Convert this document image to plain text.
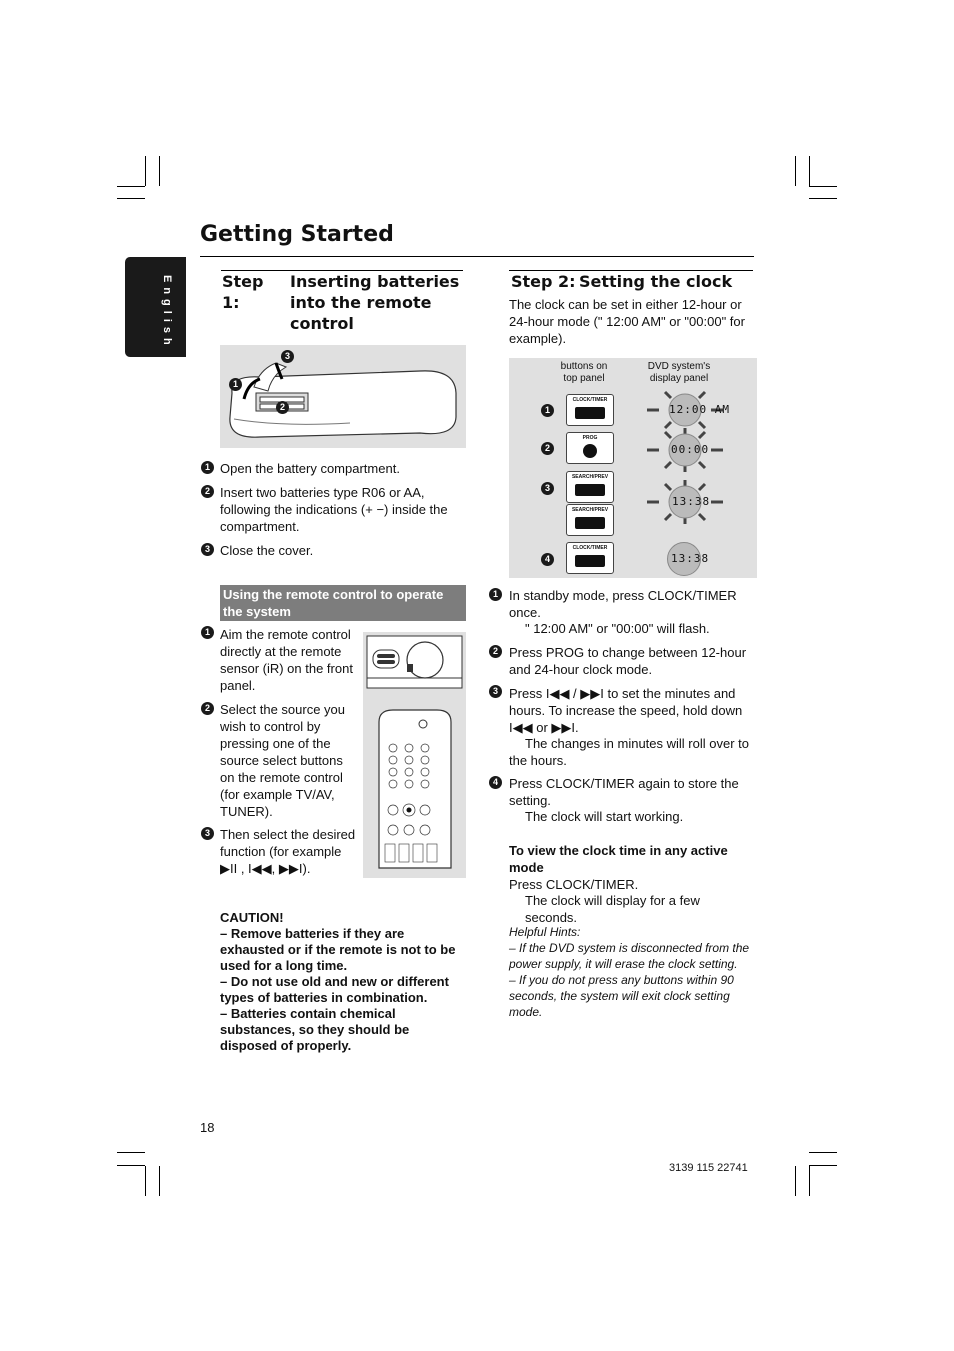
Getting Started
English	Step 1:
Inserting batteries into the remote control
1
2
3
1 Open the battery compartment.
2 Insert two batteries type R06 or AA, following the indications (+ −) inside the compartment.
3 Close the cover.
Using the remote control to operate the system
1 Aim the remote control directly at the remote sensor (iR) on the front panel.
2 Select the source you wish to control by pressing one of the source select buttons on the remote control (for example TV/AV, TUNER).
3 Then select the desired function (for example ▶II , I◀◀, ▶▶I).
CAUTION!
– Remove batteries if they are exhausted or if the remote is not to be used for a long time.
– Do not use old and new or different types of batteries in combination.
– Batteries contain chemical substances, so they should be disposed of properly.
18
Step 2: Setting the clock
The clock can be set in either 12-hour or 24-hour mode (" 12:00 AM" or "00:00" for example).
buttons on top panel
DVD system's display panel
1
CLOCK/TIMER
12:00 AM
2
PROG
00:00
3
SEARCH/PREV
SEARCH/PREV
13:38
4
CLOCK/TIMER
13:38
1 In standby mode, press CLOCK/TIMER once.
" 12:00 AM" or "00:00" will flash.
2 Press PROG to change between 12-hour and 24-hour clock mode.
3 Press I◀◀ / ▶▶I to set the minutes and hours. To increase the speed, hold down I◀◀ or ▶▶I.
The changes in minutes will roll over to the hours.
4 Press CLOCK/TIMER again to store the setting.
The clock will start working.
To view the clock time in any active mode
Press CLOCK/TIMER.
The clock will display for a few seconds.
Helpful Hints:
– If the DVD system is disconnected from the power supply, it will erase the clock setting.
– If you do not press any buttons within 90 seconds, the system will exit clock setting mode.
3139 115 22741
